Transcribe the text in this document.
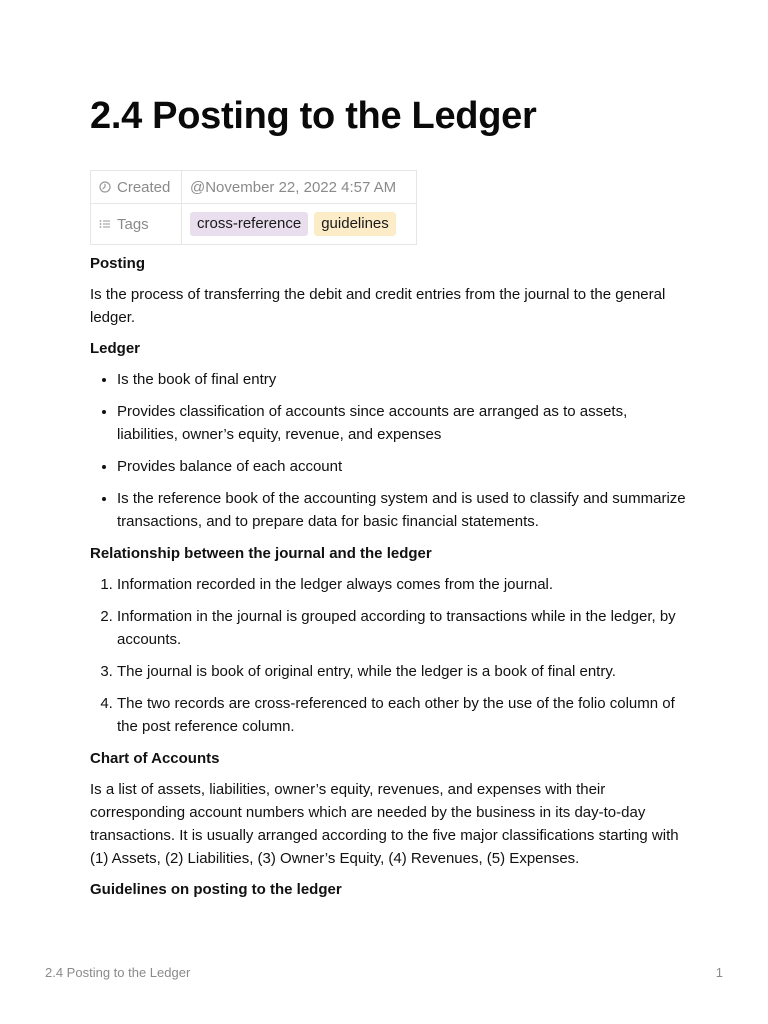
2.4 Posting to the Ledger
Created	@November 22, 2022 4:57 AM
Tags	cross-reference guidelines
Posting

Is the process of transferring the debit and credit entries from the journal to the general ledger.

Ledger
• Is the book of final entry
• Provides classification of accounts since accounts are arranged as to assets, liabilities, owner’s equity, revenue, and expenses
• Provides balance of each account
• Is the reference book of the accounting system and is used to classify and summarize transactions, and to prepare data for basic financial statements.
Relationship between the journal and the ledger
1. Information recorded in the ledger always comes from the journal.
2. Information in the journal is grouped according to transactions while in the ledger, by accounts.
3. The journal is book of original entry, while the ledger is a book of final entry.
4. The two records are cross-referenced to each other by the use of the folio column of the post reference column.
Chart of Accounts

Is a list of assets, liabilities, owner’s equity, revenues, and expenses with their corresponding account numbers which are needed by the business in its day-to-day transactions. It is usually arranged according to the five major classifications starting with (1) Assets, (2) Liabilities, (3) Owner’s Equity, (4) Revenues, (5) Expenses.

Guidelines on posting to the ledger
2.4 Posting to the Ledger	1
